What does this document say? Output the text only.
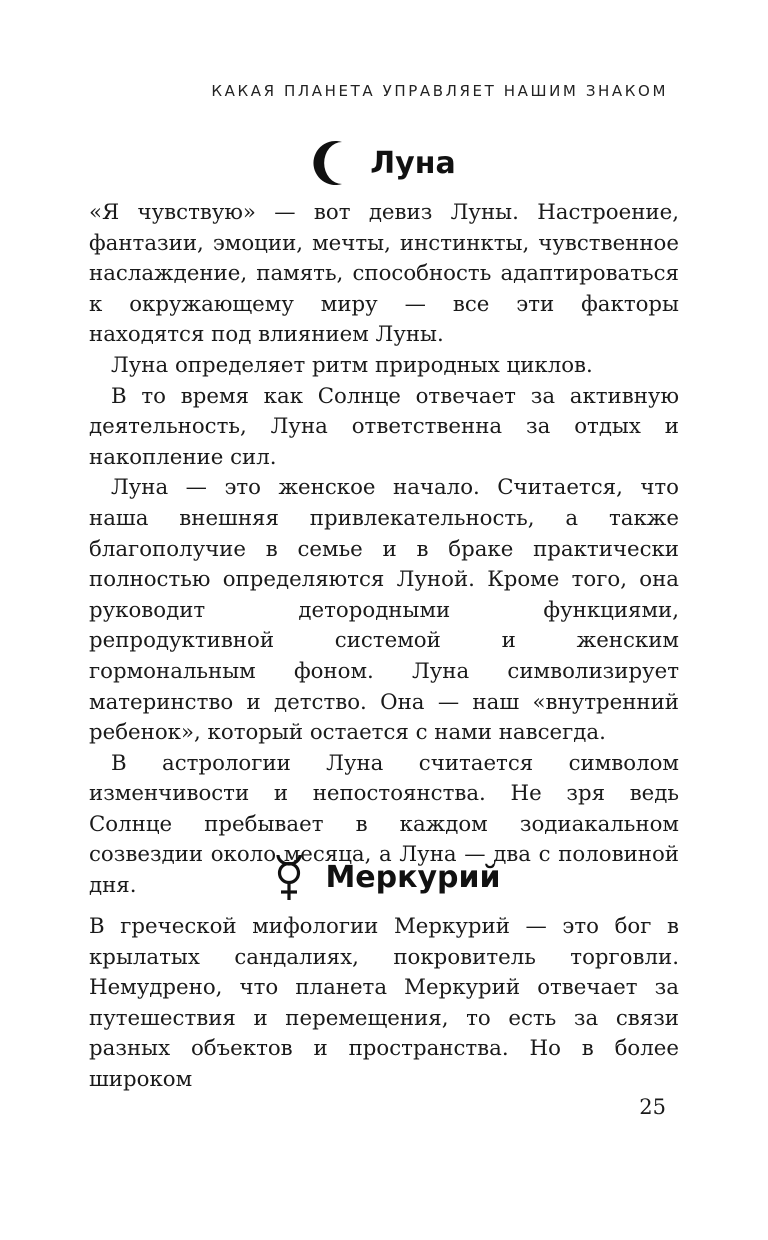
КАКАЯ ПЛАНЕТА УПРАВЛЯЕТ НАШИМ ЗНАКОМ
Луна

«Я чувствую» — вот девиз Луны. Настроение, фантазии, эмоции, мечты, инстинкты, чувственное наслаждение, память, способность адаптироваться к окружающему миру — все эти факторы находятся под влиянием Луны.

Луна определяет ритм природных циклов.

В то время как Солнце отвечает за активную деятельность, Луна ответственна за отдых и накопление сил.

Луна — это женское начало. Считается, что наша внешняя привлекательность, а также благополучие в семье и в браке практически полностью определяются Луной. Кроме того, она руководит детородными функциями, репродуктивной системой и женским гормональным фоном. Луна символизирует материнство и детство. Она — наш «внутренний ребенок», который остается с нами навсегда.

В астрологии Луна считается символом изменчивости и непостоянства. Не зря ведь Солнце пребывает в каждом зодиакальном созвездии около месяца, а Луна — два с половиной дня.	Меркурий

В греческой мифологии Меркурий — это бог в крылатых сандалиях, покровитель торговли. Немудрено, что планета Меркурий отвечает за путешествия и перемещения, то есть за связи разных объектов и пространства. Но в более широком

25
